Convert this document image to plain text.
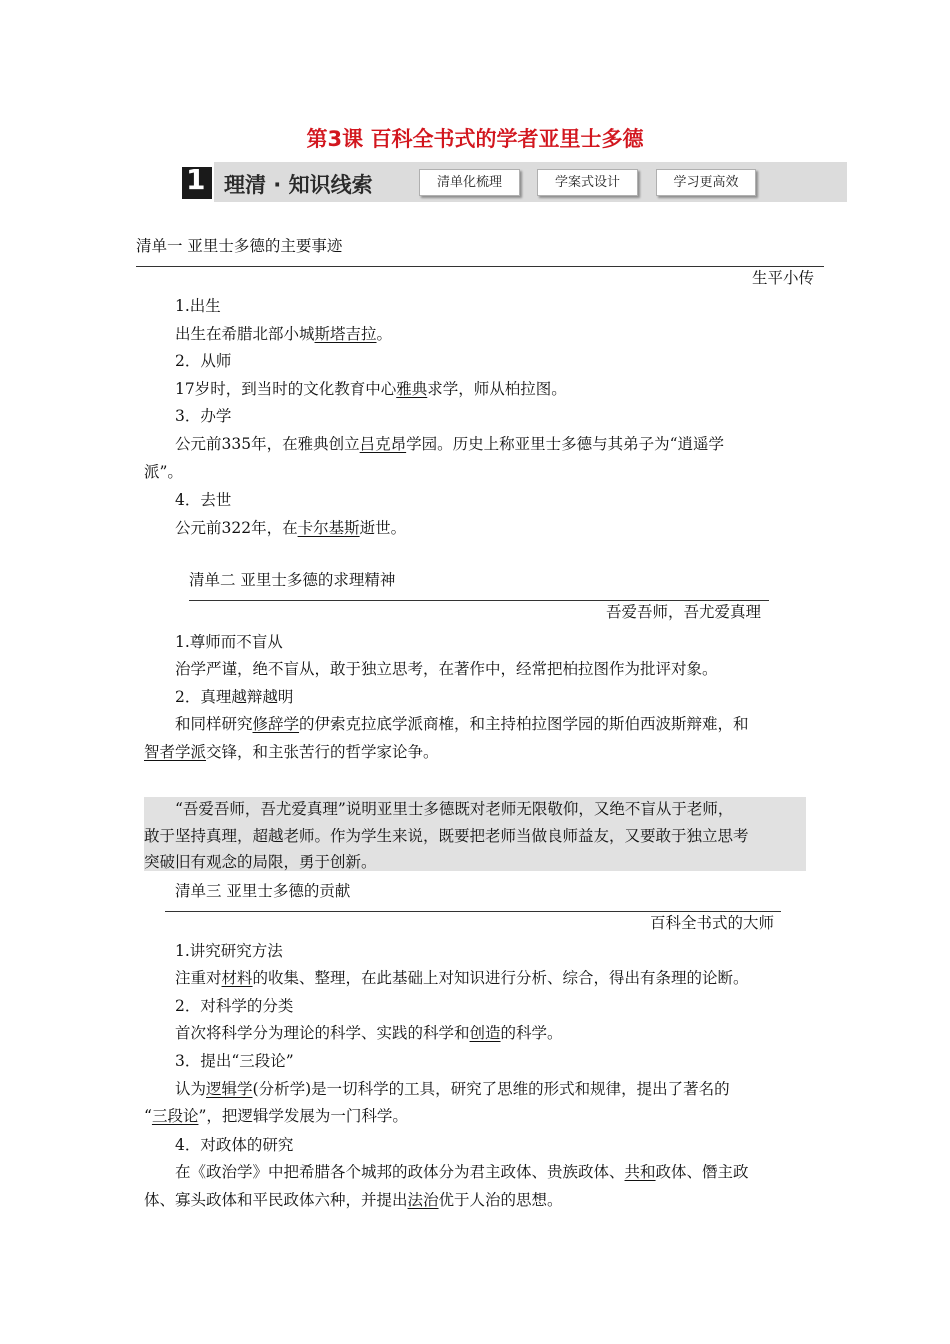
第3课 百科全书式的学者亚里士多德
1 理清 · 知识线索	清单化梳理	学案式设计	学习更高效
清单一 亚里士多德的主要事迹
生平小传
1.出生
出生在希腊北部小城斯塔吉拉。
2．从师
17岁时，到当时的文化教育中心雅典求学，师从柏拉图。
3．办学
公元前335年，在雅典创立吕克昂学园。历史上称亚里士多德与其弟子为“逍遥学
派”。
4．去世
公元前322年，在卡尔基斯逝世。
清单二 亚里士多德的求理精神
吾爱吾师，吾尤爱真理
1.尊师而不盲从
治学严谨，绝不盲从，敢于独立思考，在著作中，经常把柏拉图作为批评对象。
2．真理越辩越明
和同样研究修辞学的伊索克拉底学派商榷，和主持柏拉图学园的斯伯西波斯辩难，和
智者学派交锋，和主张苦行的哲学家论争。
“吾爱吾师，吾尤爱真理”说明亚里士多德既对老师无限敬仰，又绝不盲从于老师，
敢于坚持真理，超越老师。作为学生来说，既要把老师当做良师益友，又要敢于独立思考
突破旧有观念的局限，勇于创新。
清单三 亚里士多德的贡献
百科全书式的大师
1.讲究研究方法
注重对材料的收集、整理，在此基础上对知识进行分析、综合，得出有条理的论断。
2．对科学的分类
首次将科学分为理论的科学、实践的科学和创造的科学。
3．提出“三段论”
认为逻辑学(分析学)是一切科学的工具，研究了思维的形式和规律，提出了著名的
“三段论”，把逻辑学发展为一门科学。
4．对政体的研究
在《政治学》中把希腊各个城邦的政体分为君主政体、贵族政体、共和政体、僭主政
体、寡头政体和平民政体六种，并提出法治优于人治的思想。
